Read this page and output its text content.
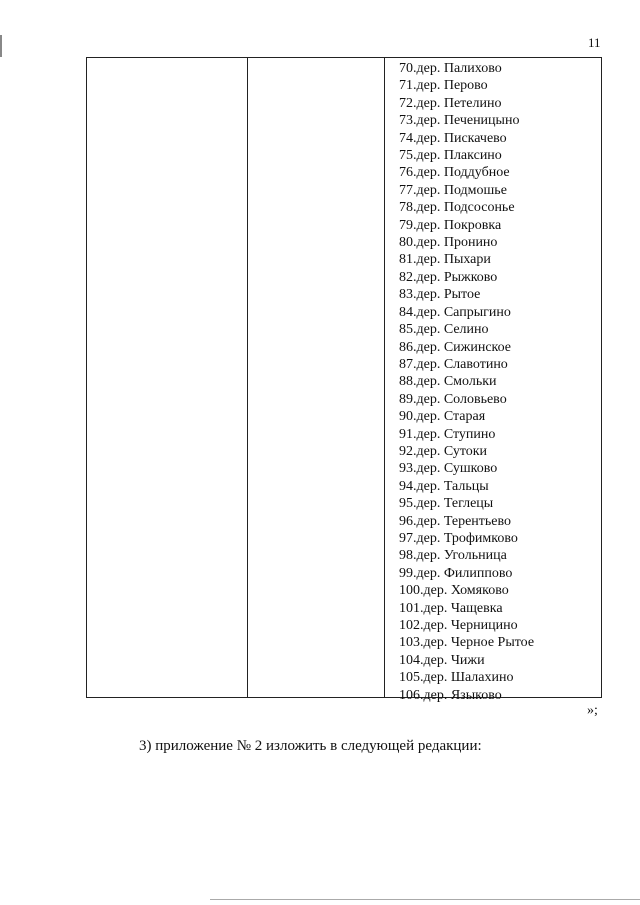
11
70.дер. Палихово
71.дер. Перово
72.дер. Петелино
73.дер. Печеницыно
74.дер. Пискачево
75.дер. Плаксино
76.дер. Поддубное
77.дер. Подмошье
78.дер. Подсосонье
79.дер. Покровка
80.дер. Пронино
81.дер. Пыхари
82.дер. Рыжково
83.дер. Рытое
84.дер. Сапрыгино
85.дер. Селино
86.дер. Сижинское
87.дер. Славотино
88.дер. Смольки
89.дер. Соловьево
90.дер. Старая
91.дер. Ступино
92.дер. Сутоки
93.дер. Сушково
94.дер. Тальцы
95.дер. Теглецы
96.дер. Терентьево
97.дер. Трофимково
98.дер. Угольница
99.дер. Филиппово
100.дер. Хомяково
101.дер. Чащевка
102.дер. Черницино
103.дер. Черное Рытое
104.дер. Чижи
105.дер. Шалахино
106.дер. Языково
»;
3) приложение № 2 изложить в следующей редакции:
